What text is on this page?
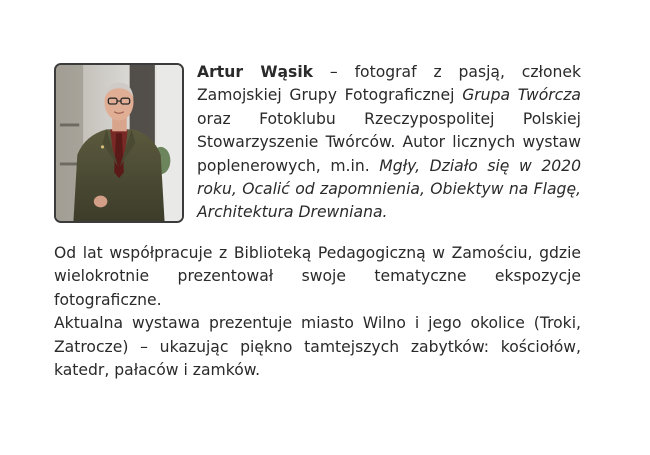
Artur Wąsik – fotograf z pasją, członek Zamojskiej Grupy Fotograficznej Grupa Twórcza oraz Fotoklubu Rzeczypospolitej Polskiej Stowarzyszenie Twórców. Autor licznych wystaw poplenerowych, m.in. Mgły, Działo się w 2020 roku, Ocalić od zapomnienia, Obiektyw na Flagę, Architektura Drewniana.

Od lat współpracuje z Biblioteką Pedagogiczną w Zamościu, gdzie wielokrotnie prezentował swoje tematyczne ekspozycje fotograficzne.

Aktualna wystawa prezentuje miasto Wilno i jego okolice (Troki, Zatrocze) – ukazując piękno tamtejszych zabytków: kościołów, katedr, pałaców i zamków.
